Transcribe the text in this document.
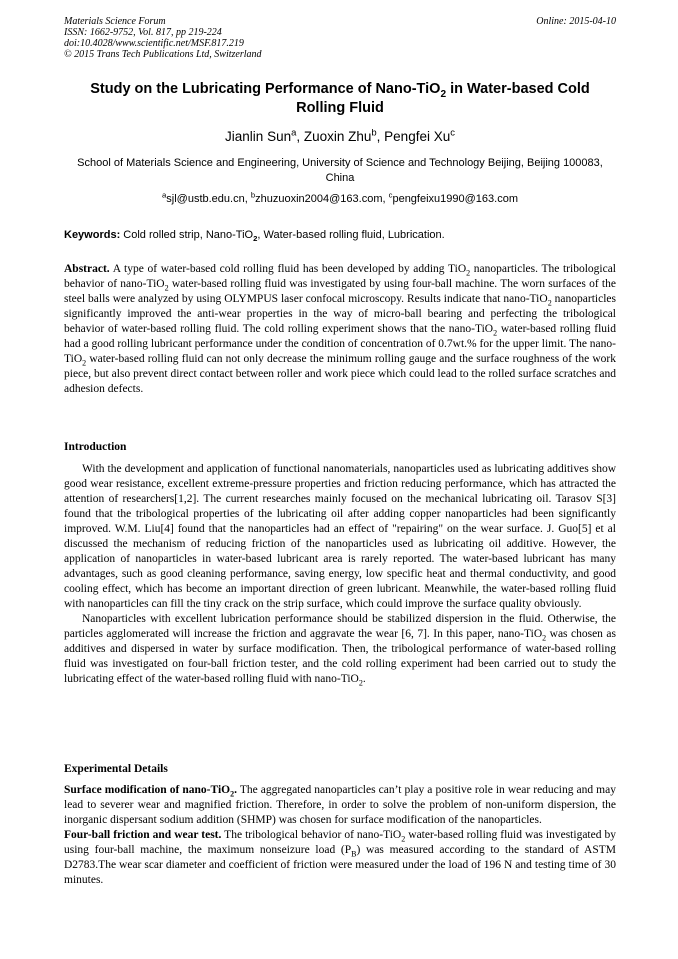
Materials Science Forum
ISSN: 1662-9752, Vol. 817, pp 219-224
doi:10.4028/www.scientific.net/MSF.817.219
© 2015 Trans Tech Publications Ltd, Switzerland
Online: 2015-04-10
Study on the Lubricating Performance of Nano-TiO$_2$ in Water-based Cold
Rolling Fluid
Jianlin Sun$^a$, Zuoxin Zhu$^b$, Pengfei Xu$^c$
School of Materials Science and Engineering, University of Science and Technology Beijing, Beijing 100083, China
$^a$sjl@ustb.edu.cn, $^b$zhuzuoxin2004@163.com, $^c$pengfeixu1990@163.com
Keywords: Cold rolled strip, Nano-TiO$_2$, Water-based rolling fluid, Lubrication.

Abstract. A type of water-based cold rolling fluid has been developed by adding TiO$_2$ nanoparticles. The tribological behavior of nano-TiO$_2$ water-based rolling fluid was investigated by using four-ball machine. The worn surfaces of the steel balls were analyzed by using OLYMPUS laser confocal microscopy. Results indicate that nano-TiO$_2$ nanoparticles significantly improved the anti-wear properties in the way of micro-ball bearing and perfecting the tribological behavior of water-based rolling fluid. The cold rolling experiment shows that the nano-TiO$_2$ water-based rolling fluid had a good rolling lubricant performance under the condition of concentration of 0.7wt.% for the upper limit. The nano-TiO$_2$ water-based rolling fluid can not only decrease the minimum rolling gauge and the surface roughness of the work piece, but also prevent direct contact between roller and work piece which could lead to the rolled surface scratches and adhesion defects.

Introduction

With the development and application of functional nanomaterials, nanoparticles used as lubricating additives show good wear resistance, excellent extreme-pressure properties and friction reducing performance, which has attracted the attention of researchers[1,2]. The current researches mainly focused on the mechanical lubricating oil. Tarasov S[3] found that the tribological properties of the lubricating oil after adding copper nanoparticles had been significantly improved. W.M. Liu[4] found that the nanoparticles had an effect of "repairing" on the wear surface. J. Guo[5] et al discussed the mechanism of reducing friction of the nanoparticles used as lubricating oil additive. However, the application of nanoparticles in water-based lubricant area is rarely reported. The water-based lubricant has many advantages, such as good cleaning performance, saving energy, low specific heat and thermal conductivity, and good cooling effect, which has become an important direction of green lubricant. Meanwhile, the water-based rolling fluid with nanoparticles can fill the tiny crack on the strip surface, which could improve the surface quality obviously.

Nanoparticles with excellent lubrication performance should be stabilized dispersion in the fluid. Otherwise, the particles agglomerated will increase the friction and aggravate the wear [6, 7]. In this paper, nano-TiO$_2$ was chosen as additives and dispersed in water by surface modification. Then, the tribological performance of water-based rolling fluid was investigated on four-ball friction tester, and the cold rolling experiment had been carried out to study the lubricating effect of the water-based rolling fluid with nano-TiO$_2$.

Experimental Details

Surface modification of nano-TiO$_2$. The aggregated nanoparticles can’t play a positive role in wear reducing and may lead to severer wear and magnified friction. Therefore, in order to solve the problem of non-uniform dispersion, the inorganic dispersant sodium addition (SHMP) was chosen for surface modification of the nanoparticles.

Four-ball friction and wear test. The tribological behavior of nano-TiO$_2$ water-based rolling fluid was investigated by using four-ball machine, the maximum nonseizure load $(P_B)$ was measured according to the standard of ASTM D2783.The wear scar diameter and coefficient of friction were measured under the load of 196 N and testing time of 30 minutes.
